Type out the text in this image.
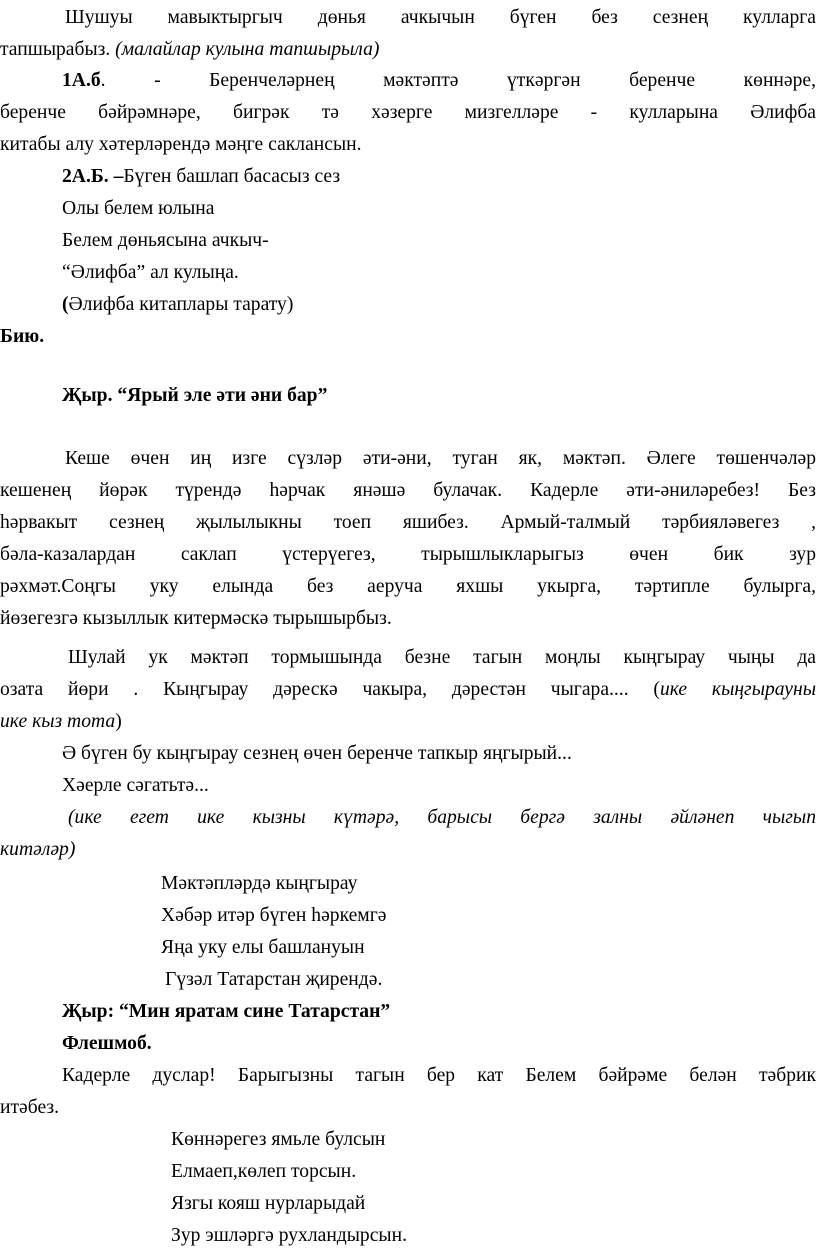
Шушуы мавыктыргыч дөнья ачкычын бүген без сезнең кулларга
тапшырабыз. (малайлар кулына тапшырыла)
1А.б. - Беренчеләрнең мәктәптә үткәргән беренче көннәре,
беренче бәйрәмнәре, бигрәк тә хәзерге мизгелләре - кулларына Әлифба
китабы алу хәтерләрендә мәңге саклансын.
2А.Б. –Бүген башлап басасыз сез
Олы белем юлына
Белем дөньясына ачкыч-
“Әлифба” ал кулыңа.
(Әлифба китаплары тарату)
Бию.
Җыр. “Ярый эле әти әни бар”
Кеше өчен иң изге сүзләр әти-әни, туган як, мәктәп. Әлеге төшенчәләр
кешенең йөрәк түрендә һәрчак янәшә булачак. Кадерле әти-әниләребез! Без
һәрвакыт сезнең җылылыкны тоеп яшибез. Армый-талмый тәрбияләвегез ,
бәла-казалардан саклап үстерүегез, тырышлыкларыгыз өчен бик зур
рәхмәт.Соңгы уку елында без аеруча яхшы укырга, тәртипле булырга,
йөзегезгә кызыллык китермәскә тырышырбыз.
Шулай ук мәктәп тормышында безне тагын моңлы кыңгырау чыңы да
озата йөри . Кыңгырау дәрескә чакыра, дәрестән чыгара.... (ике кыңгырауны
ике кыз тота)
Ә бүген бу кыңгырау сезнең өчен беренче тапкыр яңгырый...
Хәерле сәгатьтә...
(ике егет ике кызны күтәрә, барысы бергә залны әйләнеп чыгып
китәләр)
Мәктәпләрдә кыңгырау
Хәбәр итәр бүген һәркемгә
Яңа уку елы башлануын
Гүзәл Татарстан җирендә.
Җыр: “Мин яратам сине Татарстан”
Флешмоб.
Кадерле дуслар! Барыгызны тагын бер кат Белем бәйрәме белән тәбрик
итәбез.
Көннәрегез ямьле булсын
Елмаеп,көлеп торсын.
Язгы кояш нурларыдай
Зур эшләргә рухландырсын.
